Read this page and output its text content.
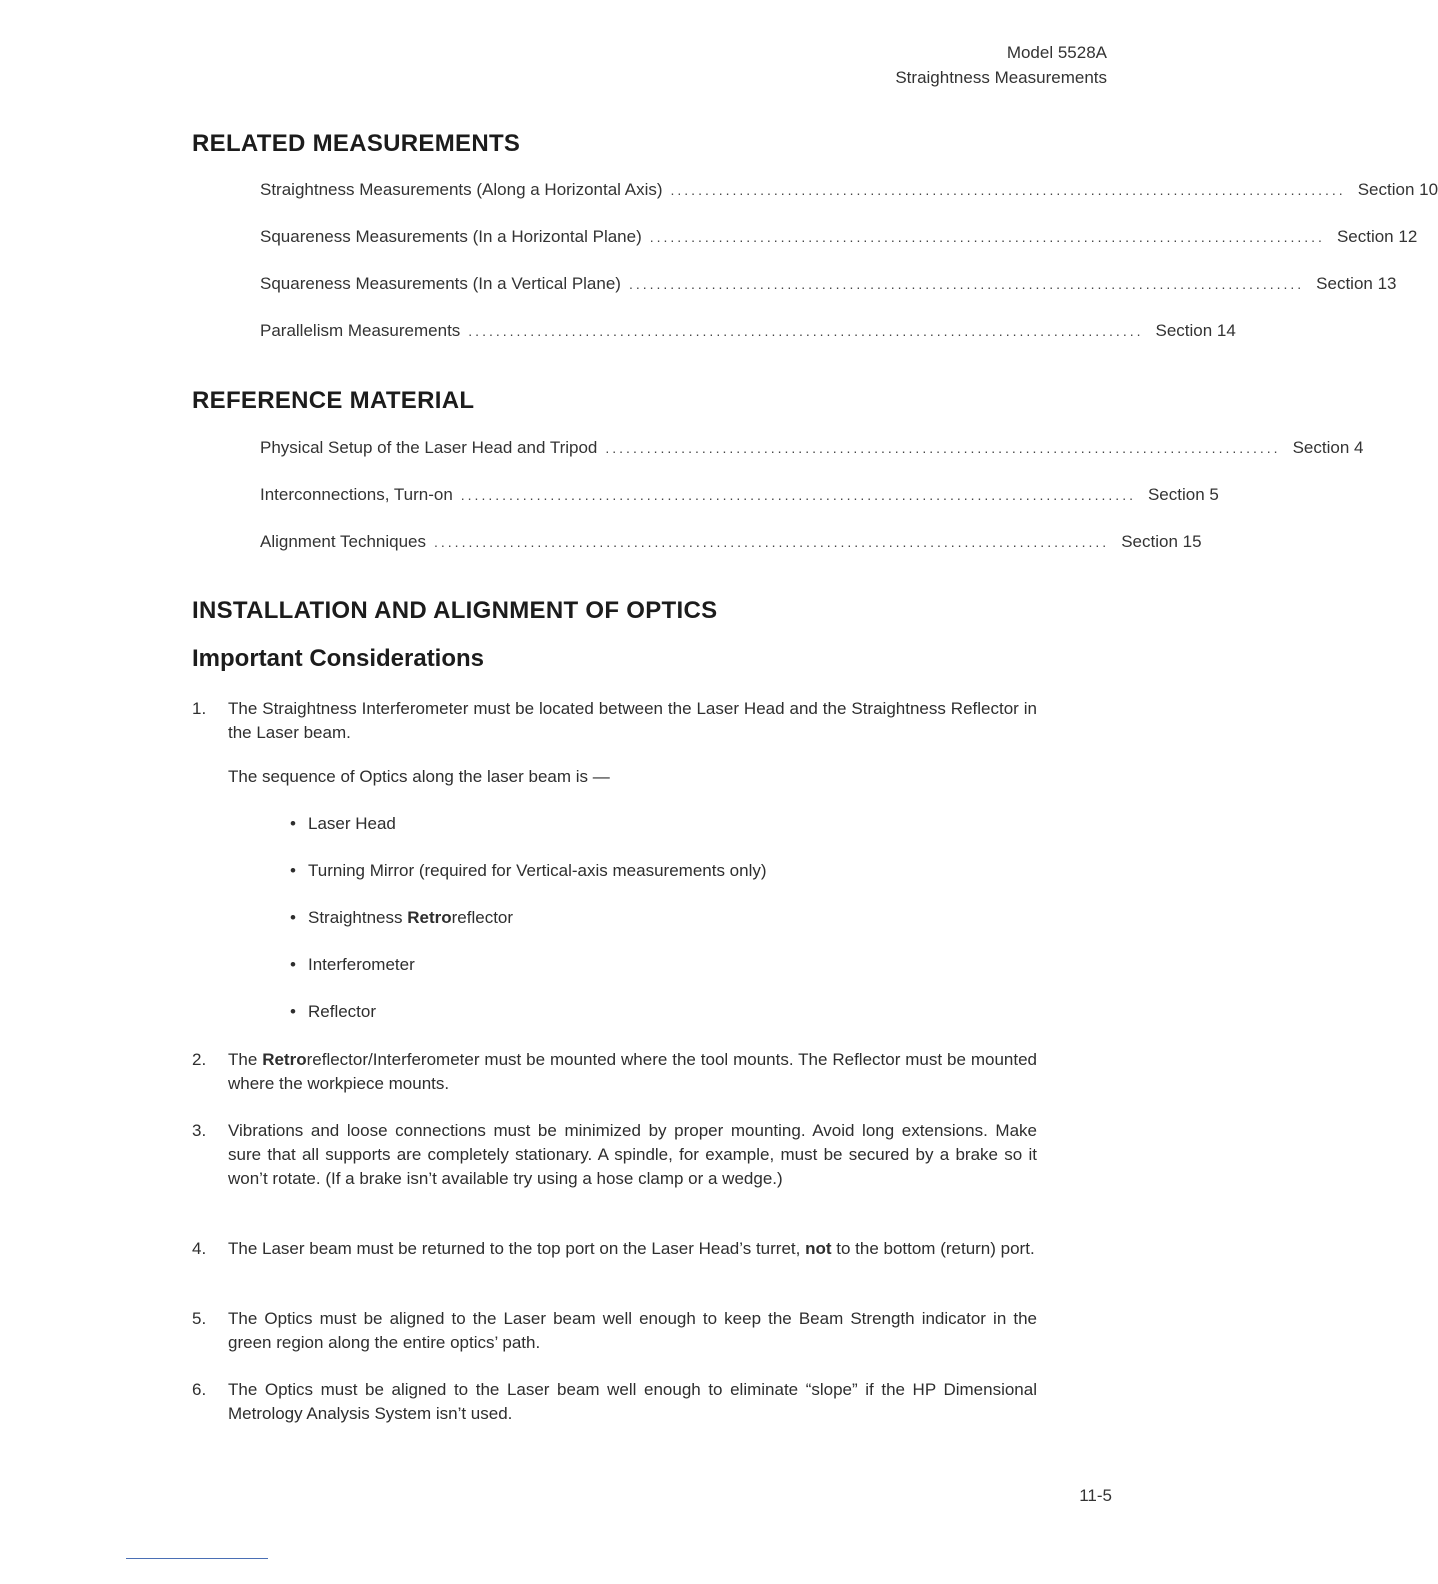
Model 5528A
Straightness Measurements
RELATED MEASUREMENTS
Straightness Measurements (Along a Horizontal Axis) .................................................................................................. Section 10
Squareness Measurements (In a Horizontal Plane) .................................................................................................. Section 12
Squareness Measurements (In a Vertical Plane) .................................................................................................. Section 13
Parallelism Measurements .................................................................................................. Section 14
REFERENCE MATERIAL
Physical Setup of the Laser Head and Tripod .................................................................................................. Section 4
Interconnections, Turn-on .................................................................................................. Section 5
Alignment Techniques .................................................................................................. Section 15
INSTALLATION AND ALIGNMENT OF OPTICS
Important Considerations
1.	The Straightness Interferometer must be located between the Laser Head and the Straightness Reflector in the Laser beam.
The sequence of Optics along the laser beam is —
• Laser Head
• Turning Mirror (required for Vertical-axis measurements only)
• Straightness Retroreflector
• Interferometer
• Reflector
2.	The Retroreflector/Interferometer must be mounted where the tool mounts. The Reflector must be mounted where the workpiece mounts.
3.	Vibrations and loose connections must be minimized by proper mounting. Avoid long extensions. Make sure that all supports are completely stationary. A spindle, for example, must be secured by a brake so it won’t rotate. (If a brake isn’t available try using a hose clamp or a wedge.)
4.	The Laser beam must be returned to the top port on the Laser Head’s turret, not to the bottom (return) port.
5.	The Optics must be aligned to the Laser beam well enough to keep the Beam Strength indicator in the green region along the entire optics’ path.
6.	The Optics must be aligned to the Laser beam well enough to eliminate “slope” if the HP Dimensional Metrology Analysis System isn’t used.
11-5
